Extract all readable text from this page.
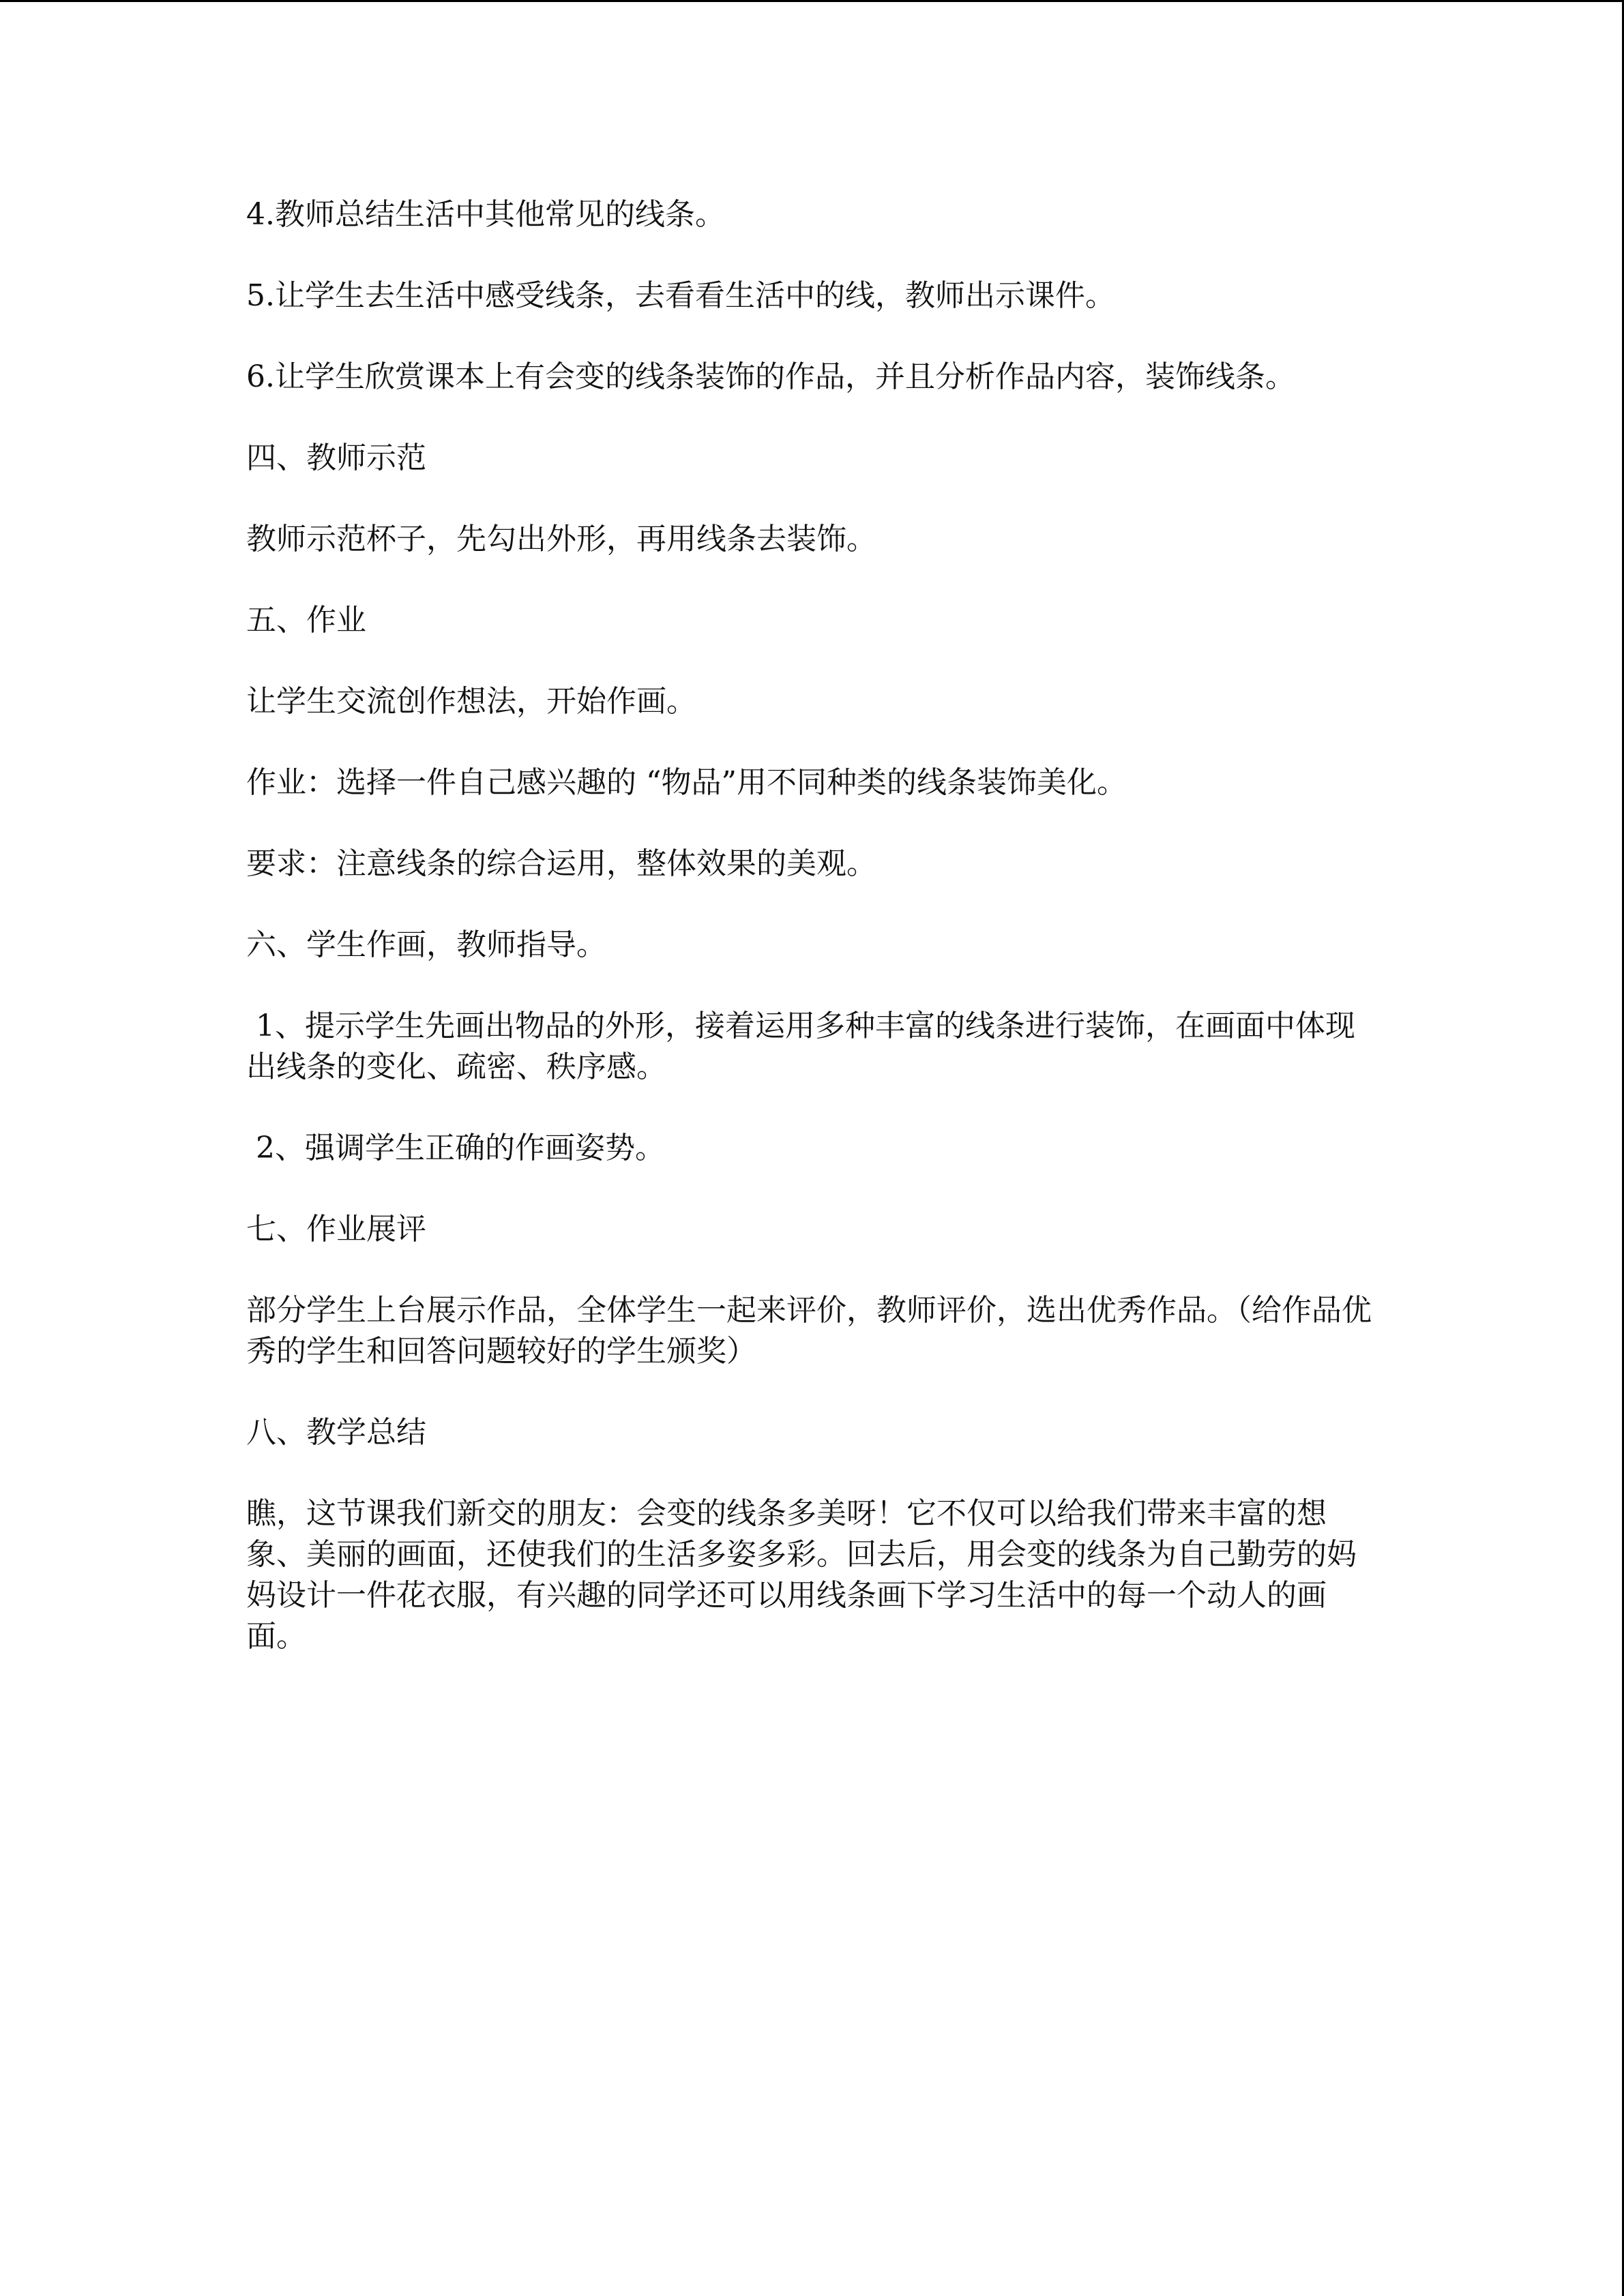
4.教师总结生活中其他常见的线条。

5.让学生去生活中感受线条，去看看生活中的线，教师出示课件。

6.让学生欣赏课本上有会变的线条装饰的作品，并且分析作品内容，装饰线条。

四、教师示范

教师示范杯子，先勾出外形，再用线条去装饰。

五、作业

让学生交流创作想法，开始作画。

作业：选择一件自己感兴趣的 “物品”用不同种类的线条装饰美化。

要求：注意线条的综合运用，整体效果的美观。

六、学生作画，教师指导。

1、提示学生先画出物品的外形，接着运用多种丰富的线条进行装饰，在画面中体现出线条的变化、疏密、秩序感。

2、强调学生正确的作画姿势。

七、作业展评

部分学生上台展示作品，全体学生一起来评价，教师评价，选出优秀作品。（给作品优秀的学生和回答问题较好的学生颁奖）

八、教学总结

瞧，这节课我们新交的朋友：会变的线条多美呀！它不仅可以给我们带来丰富的想象、美丽的画面，还使我们的生活多姿多彩。回去后，用会变的线条为自己勤劳的妈妈设计一件花衣服，有兴趣的同学还可以用线条画下学习生活中的每一个动人的画面。
